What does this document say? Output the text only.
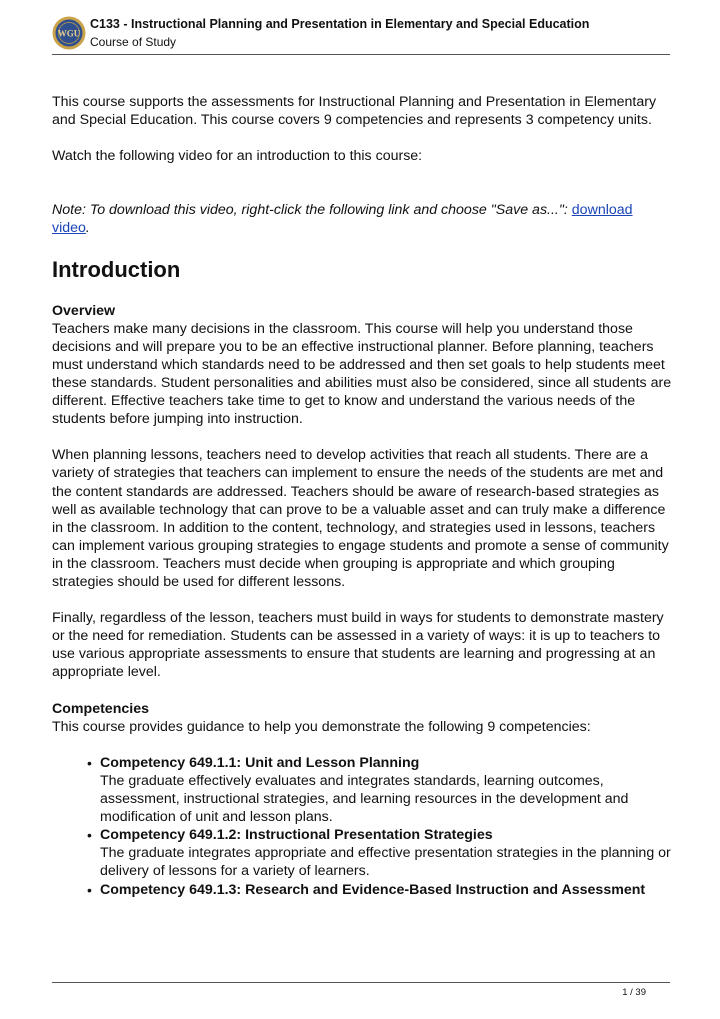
WGU
C133 - Instructional Planning and Presentation in Elementary and Special Education
Course of Study

This course supports the assessments for Instructional Planning and Presentation in Elementary and Special Education. This course covers 9 competencies and represents 3 competency units.

Watch the following video for an introduction to this course:

Note: To download this video, right-click the following link and choose "Save as...": download video.

Introduction
Overview

Teachers make many decisions in the classroom. This course will help you understand those decisions and will prepare you to be an effective instructional planner. Before planning, teachers must understand which standards need to be addressed and then set goals to help students meet these standards. Student personalities and abilities must also be considered, since all students are different. Effective teachers take time to get to know and understand the various needs of the students before jumping into instruction.

When planning lessons, teachers need to develop activities that reach all students. There are a variety of strategies that teachers can implement to ensure the needs of the students are met and the content standards are addressed. Teachers should be aware of research-based strategies as well as available technology that can prove to be a valuable asset and can truly make a difference in the classroom. In addition to the content, technology, and strategies used in lessons, teachers can implement various grouping strategies to engage students and promote a sense of community in the classroom. Teachers must decide when grouping is appropriate and which grouping strategies should be used for different lessons.

Finally, regardless of the lesson, teachers must build in ways for students to demonstrate mastery or the need for remediation. Students can be assessed in a variety of ways: it is up to teachers to use various appropriate assessments to ensure that students are learning and progressing at an appropriate level.

Competencies

This course provides guidance to help you demonstrate the following 9 competencies:

• Competency 649.1.1: Unit and Lesson Planning
The graduate effectively evaluates and integrates standards, learning outcomes, assessment, instructional strategies, and learning resources in the development and modification of unit and lesson plans.
• Competency 649.1.2: Instructional Presentation Strategies
The graduate integrates appropriate and effective presentation strategies in the planning or delivery of lessons for a variety of learners.
• Competency 649.1.3: Research and Evidence-Based Instruction and Assessment
1 / 39
